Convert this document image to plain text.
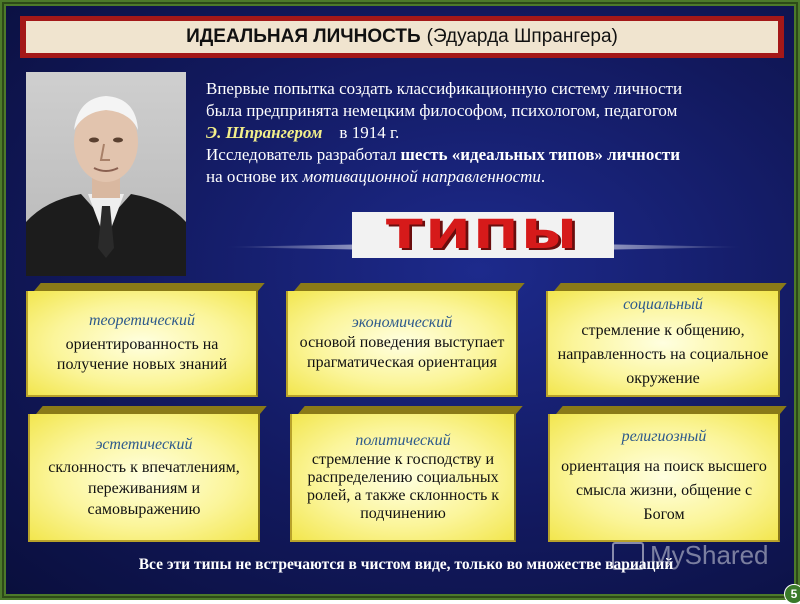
ИДЕАЛЬНАЯ ЛИЧНОСТЬ (Эдуарда Шпрангера)
Впервые попытка создать классификационную систему личности
была предпринята немецким философом, психологом, педагогом
Э. Шпрангером в 1914 г.
Исследователь разработал шесть «идеальных типов» личности
на основе их мотивационной направленности.
ТИПЫ
теоретический
ориентированность на получение новых знаний
экономический
основой поведения выступает прагматическая ориентация
социальный
стремление к общению, направленность на социальное окружение
эстетический
склонность к впечатлениям, переживаниям и самовыражению
политический
стремление к господству и распределению социальных ролей, а также склонность к подчинению
религиозный
ориентация на поиск высшего смысла жизни, общение с Богом
Все эти типы не встречаются в чистом виде, только во множестве вариаций
MyShared
5
